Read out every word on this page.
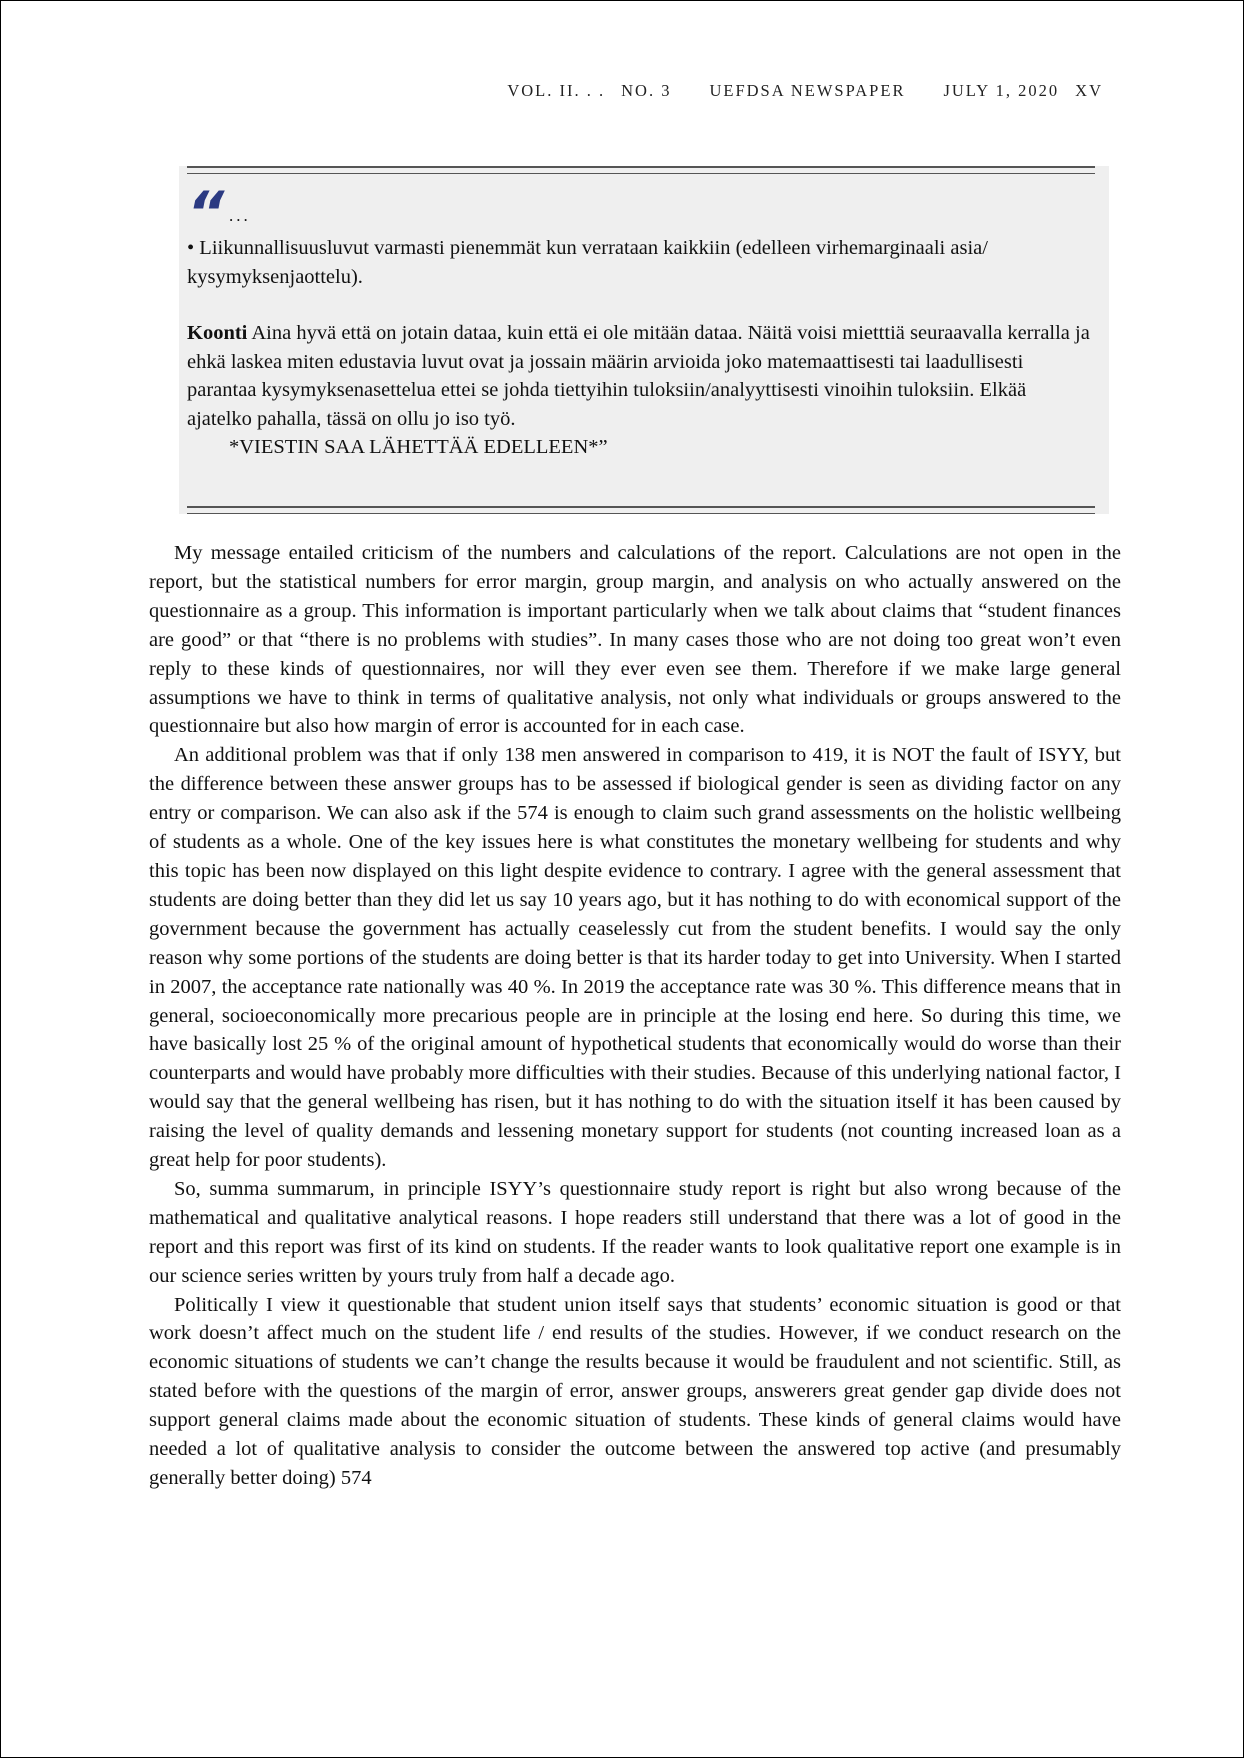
VOL. II. . . NO. 3 UEFDSA NEWSPAPER JULY 1, 2020 XV
“ ...

• Liikunnallisuusluvut varmasti pienemmät kun verrataan kaikkiin (edelleen virhemarginaali asia/ kysymyksenjaottelu).

Koonti Aina hyvä että on jotain dataa, kuin että ei ole mitään dataa. Näitä voisi mietttiä seuraavalla kerralla ja ehkä laskea miten edustavia luvut ovat ja jossain määrin arvioida joko matemaattisesti tai laadullisesti parantaa kysymyksenasettelua ettei se johda tiettyihin tuloksiin/analyyttisesti vinoihin tuloksiin. Elkää ajatelko pahalla, tässä on ollu jo iso työ.

*VIESTIN SAA LÄHETTÄÄ EDELLEEN*”

My message entailed criticism of the numbers and calculations of the report. Calculations are not open in the report, but the statistical numbers for error margin, group margin, and analysis on who actually answered on the questionnaire as a group. This information is important particularly when we talk about claims that “student finances are good” or that “there is no problems with studies”. In many cases those who are not doing too great won’t even reply to these kinds of questionnaires, nor will they ever even see them. Therefore if we make large general assumptions we have to think in terms of qualitative analysis, not only what individuals or groups answered to the questionnaire but also how margin of error is accounted for in each case.

An additional problem was that if only 138 men answered in comparison to 419, it is NOT the fault of ISYY, but the difference between these answer groups has to be assessed if biological gender is seen as dividing factor on any entry or comparison. We can also ask if the 574 is enough to claim such grand assessments on the holistic wellbeing of students as a whole. One of the key issues here is what constitutes the monetary wellbeing for students and why this topic has been now displayed on this light despite evidence to contrary. I agree with the general assessment that students are doing better than they did let us say 10 years ago, but it has nothing to do with economical support of the government because the government has actually ceaselessly cut from the student benefits. I would say the only reason why some portions of the students are doing better is that its harder today to get into University. When I started in 2007, the acceptance rate nationally was 40 %. In 2019 the acceptance rate was 30 %. This difference means that in general, socioeconomically more precarious people are in principle at the losing end here. So during this time, we have basically lost 25 % of the original amount of hypothetical students that economically would do worse than their counterparts and would have probably more difficulties with their studies. Because of this underlying national factor, I would say that the general wellbeing has risen, but it has nothing to do with the situation itself it has been caused by raising the level of quality demands and lessening monetary support for students (not counting increased loan as a great help for poor students).

So, summa summarum, in principle ISYY’s questionnaire study report is right but also wrong because of the mathematical and qualitative analytical reasons. I hope readers still understand that there was a lot of good in the report and this report was first of its kind on students. If the reader wants to look qualitative report one example is in our science series written by yours truly from half a decade ago.

Politically I view it questionable that student union itself says that students’ economic situation is good or that work doesn’t affect much on the student life / end results of the studies. However, if we conduct research on the economic situations of students we can’t change the results because it would be fraudulent and not scientific. Still, as stated before with the questions of the margin of error, answer groups, answerers great gender gap divide does not support general claims made about the economic situation of students. These kinds of general claims would have needed a lot of qualitative analysis to consider the outcome between the answered top active (and presumably generally better doing) 574
